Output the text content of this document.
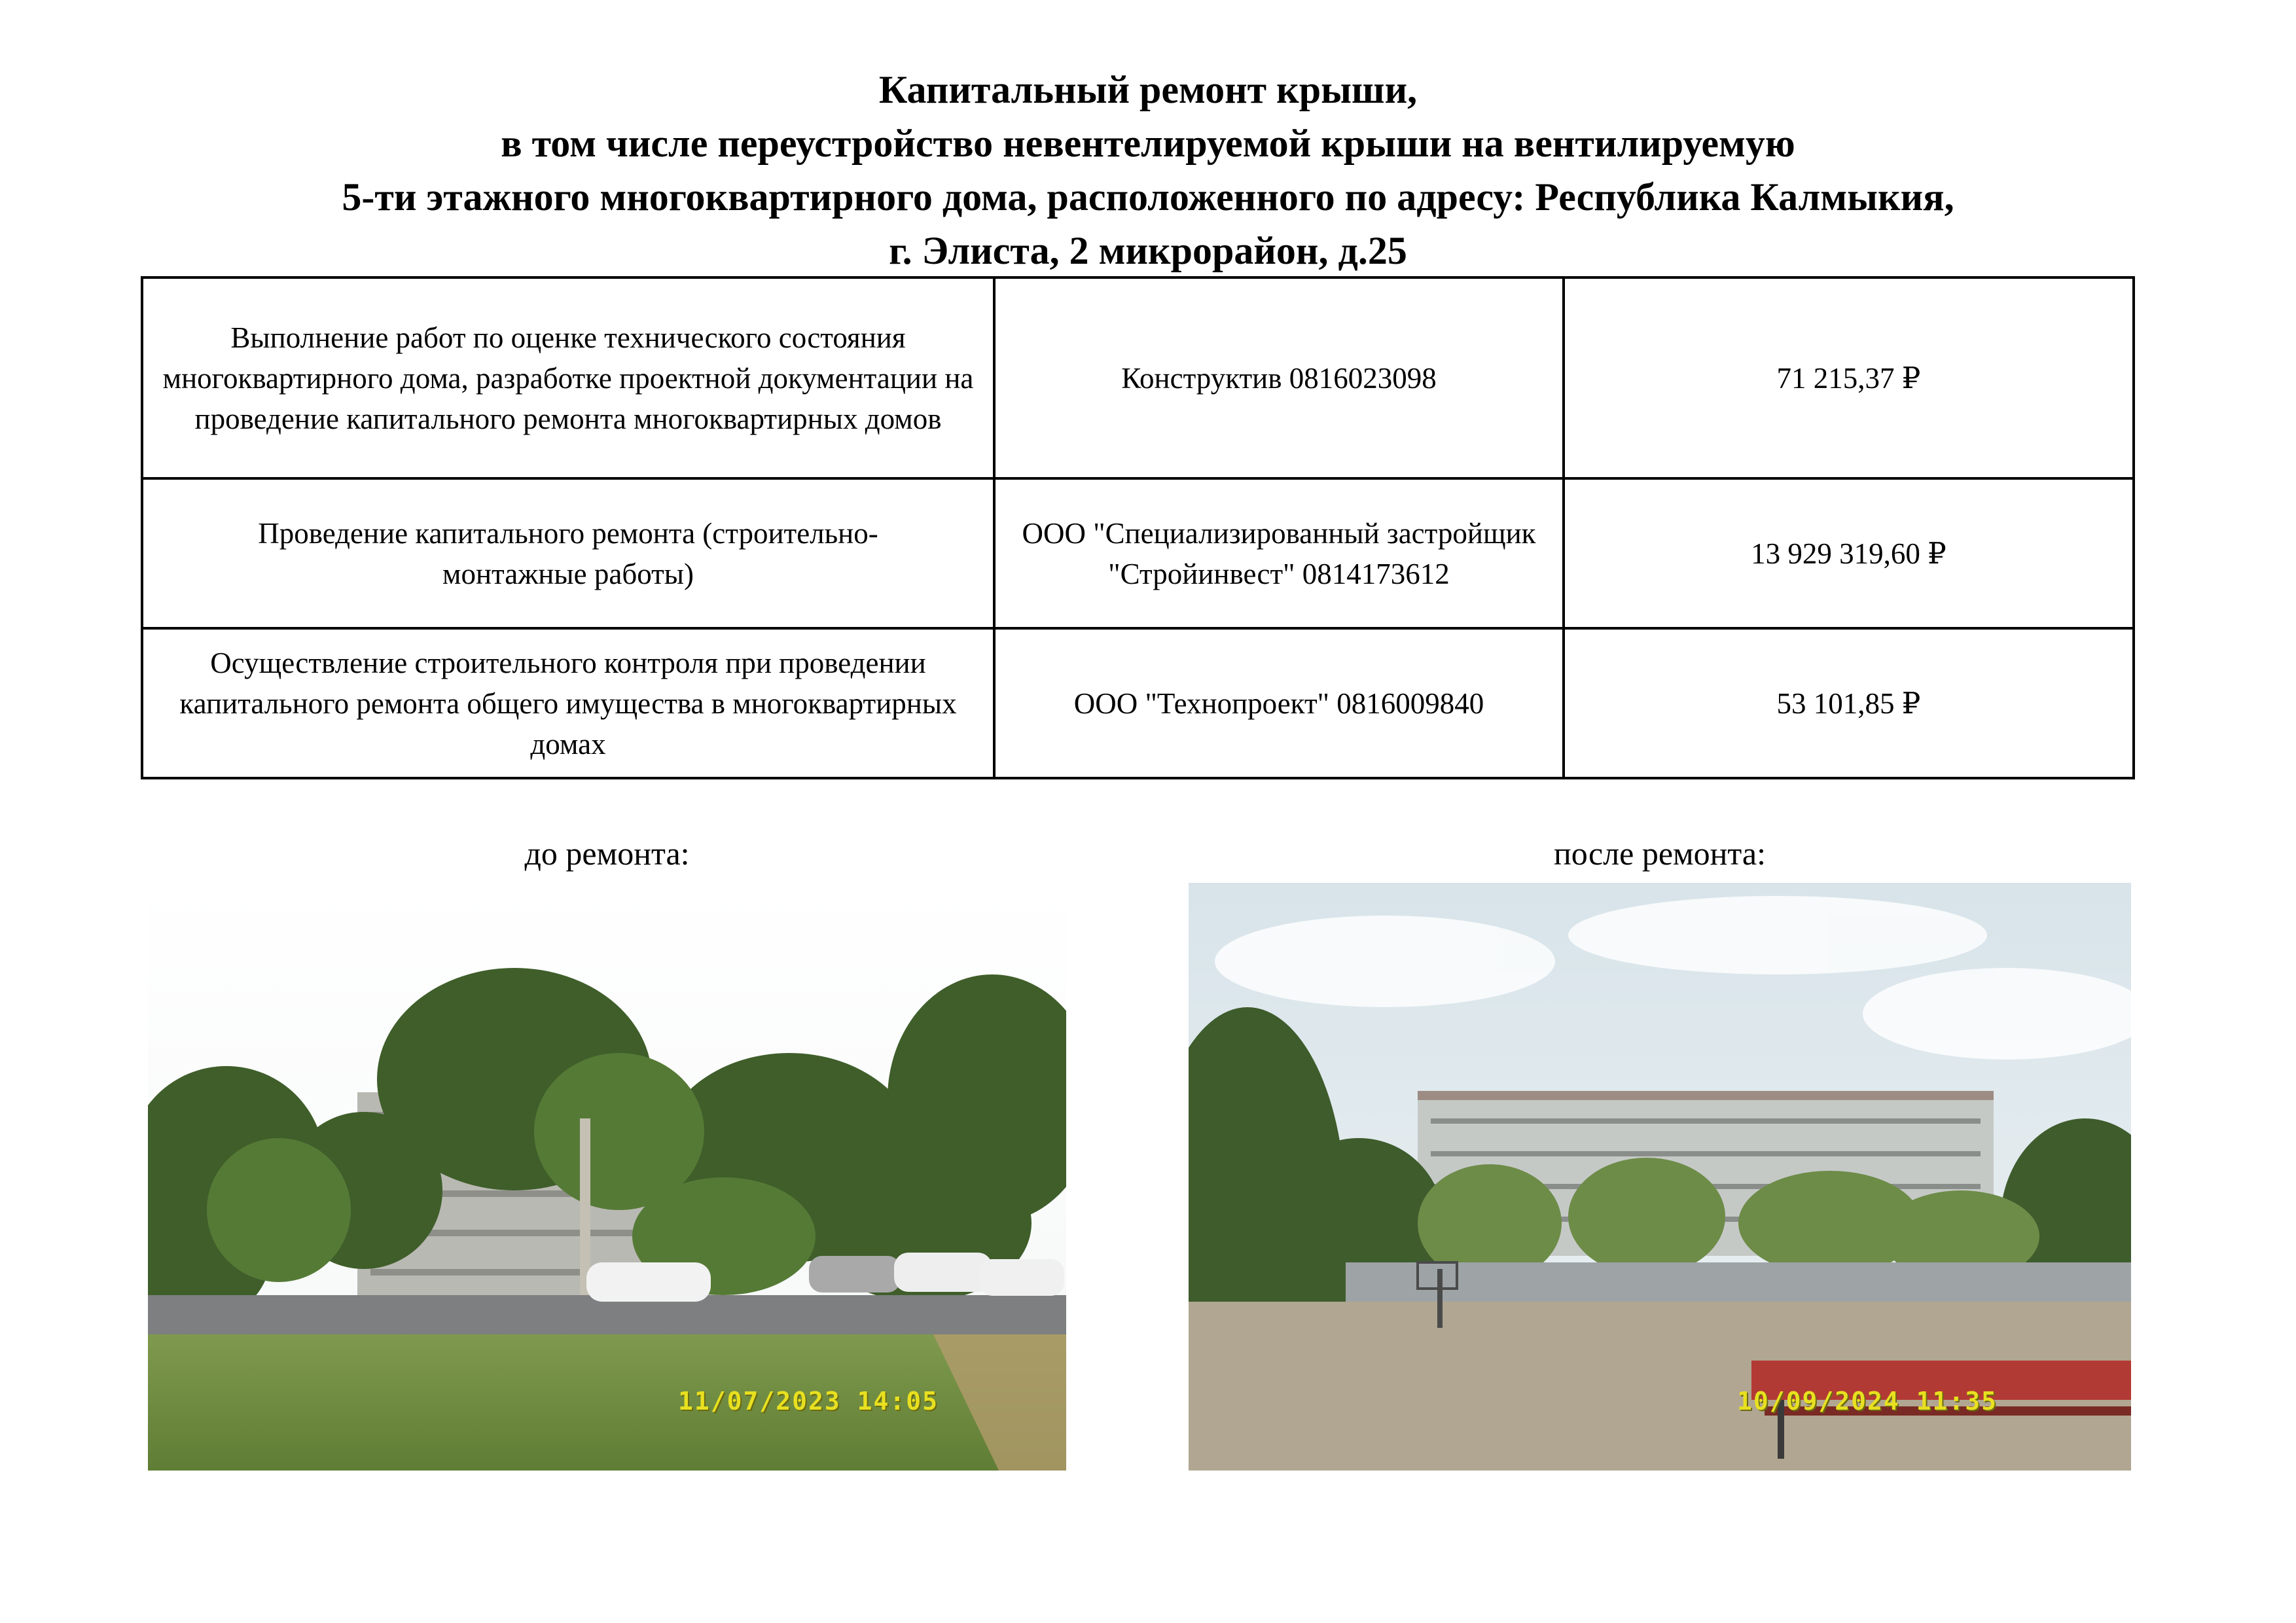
Капитальный ремонт крыши,
в том числе переустройство невентелируемой крыши на вентилируемую
5-ти этажного многоквартирного дома, расположенного по адресу: Республика Калмыкия,
г. Элиста, 2 микрорайон, д.25
Выполнение работ по оценке технического состояния многоквартирного дома, разработке проектной документации на проведение капитального ремонта многоквартирных домов	Конструктив 0816023098	71 215,37 ₽
Проведение капитального ремонта (строительно-монтажные работы)	ООО "Специализированный застройщик "Стройинвест" 0814173612	13 929 319,60 ₽
Осуществление строительного контроля при проведении капитального ремонта общего имущества в многоквартирных домах	ООО "Технопроект" 0816009840	53 101,85 ₽
до ремонта:	после ремонта:
11/07/2023 14:05	10/09/2024 11:35
